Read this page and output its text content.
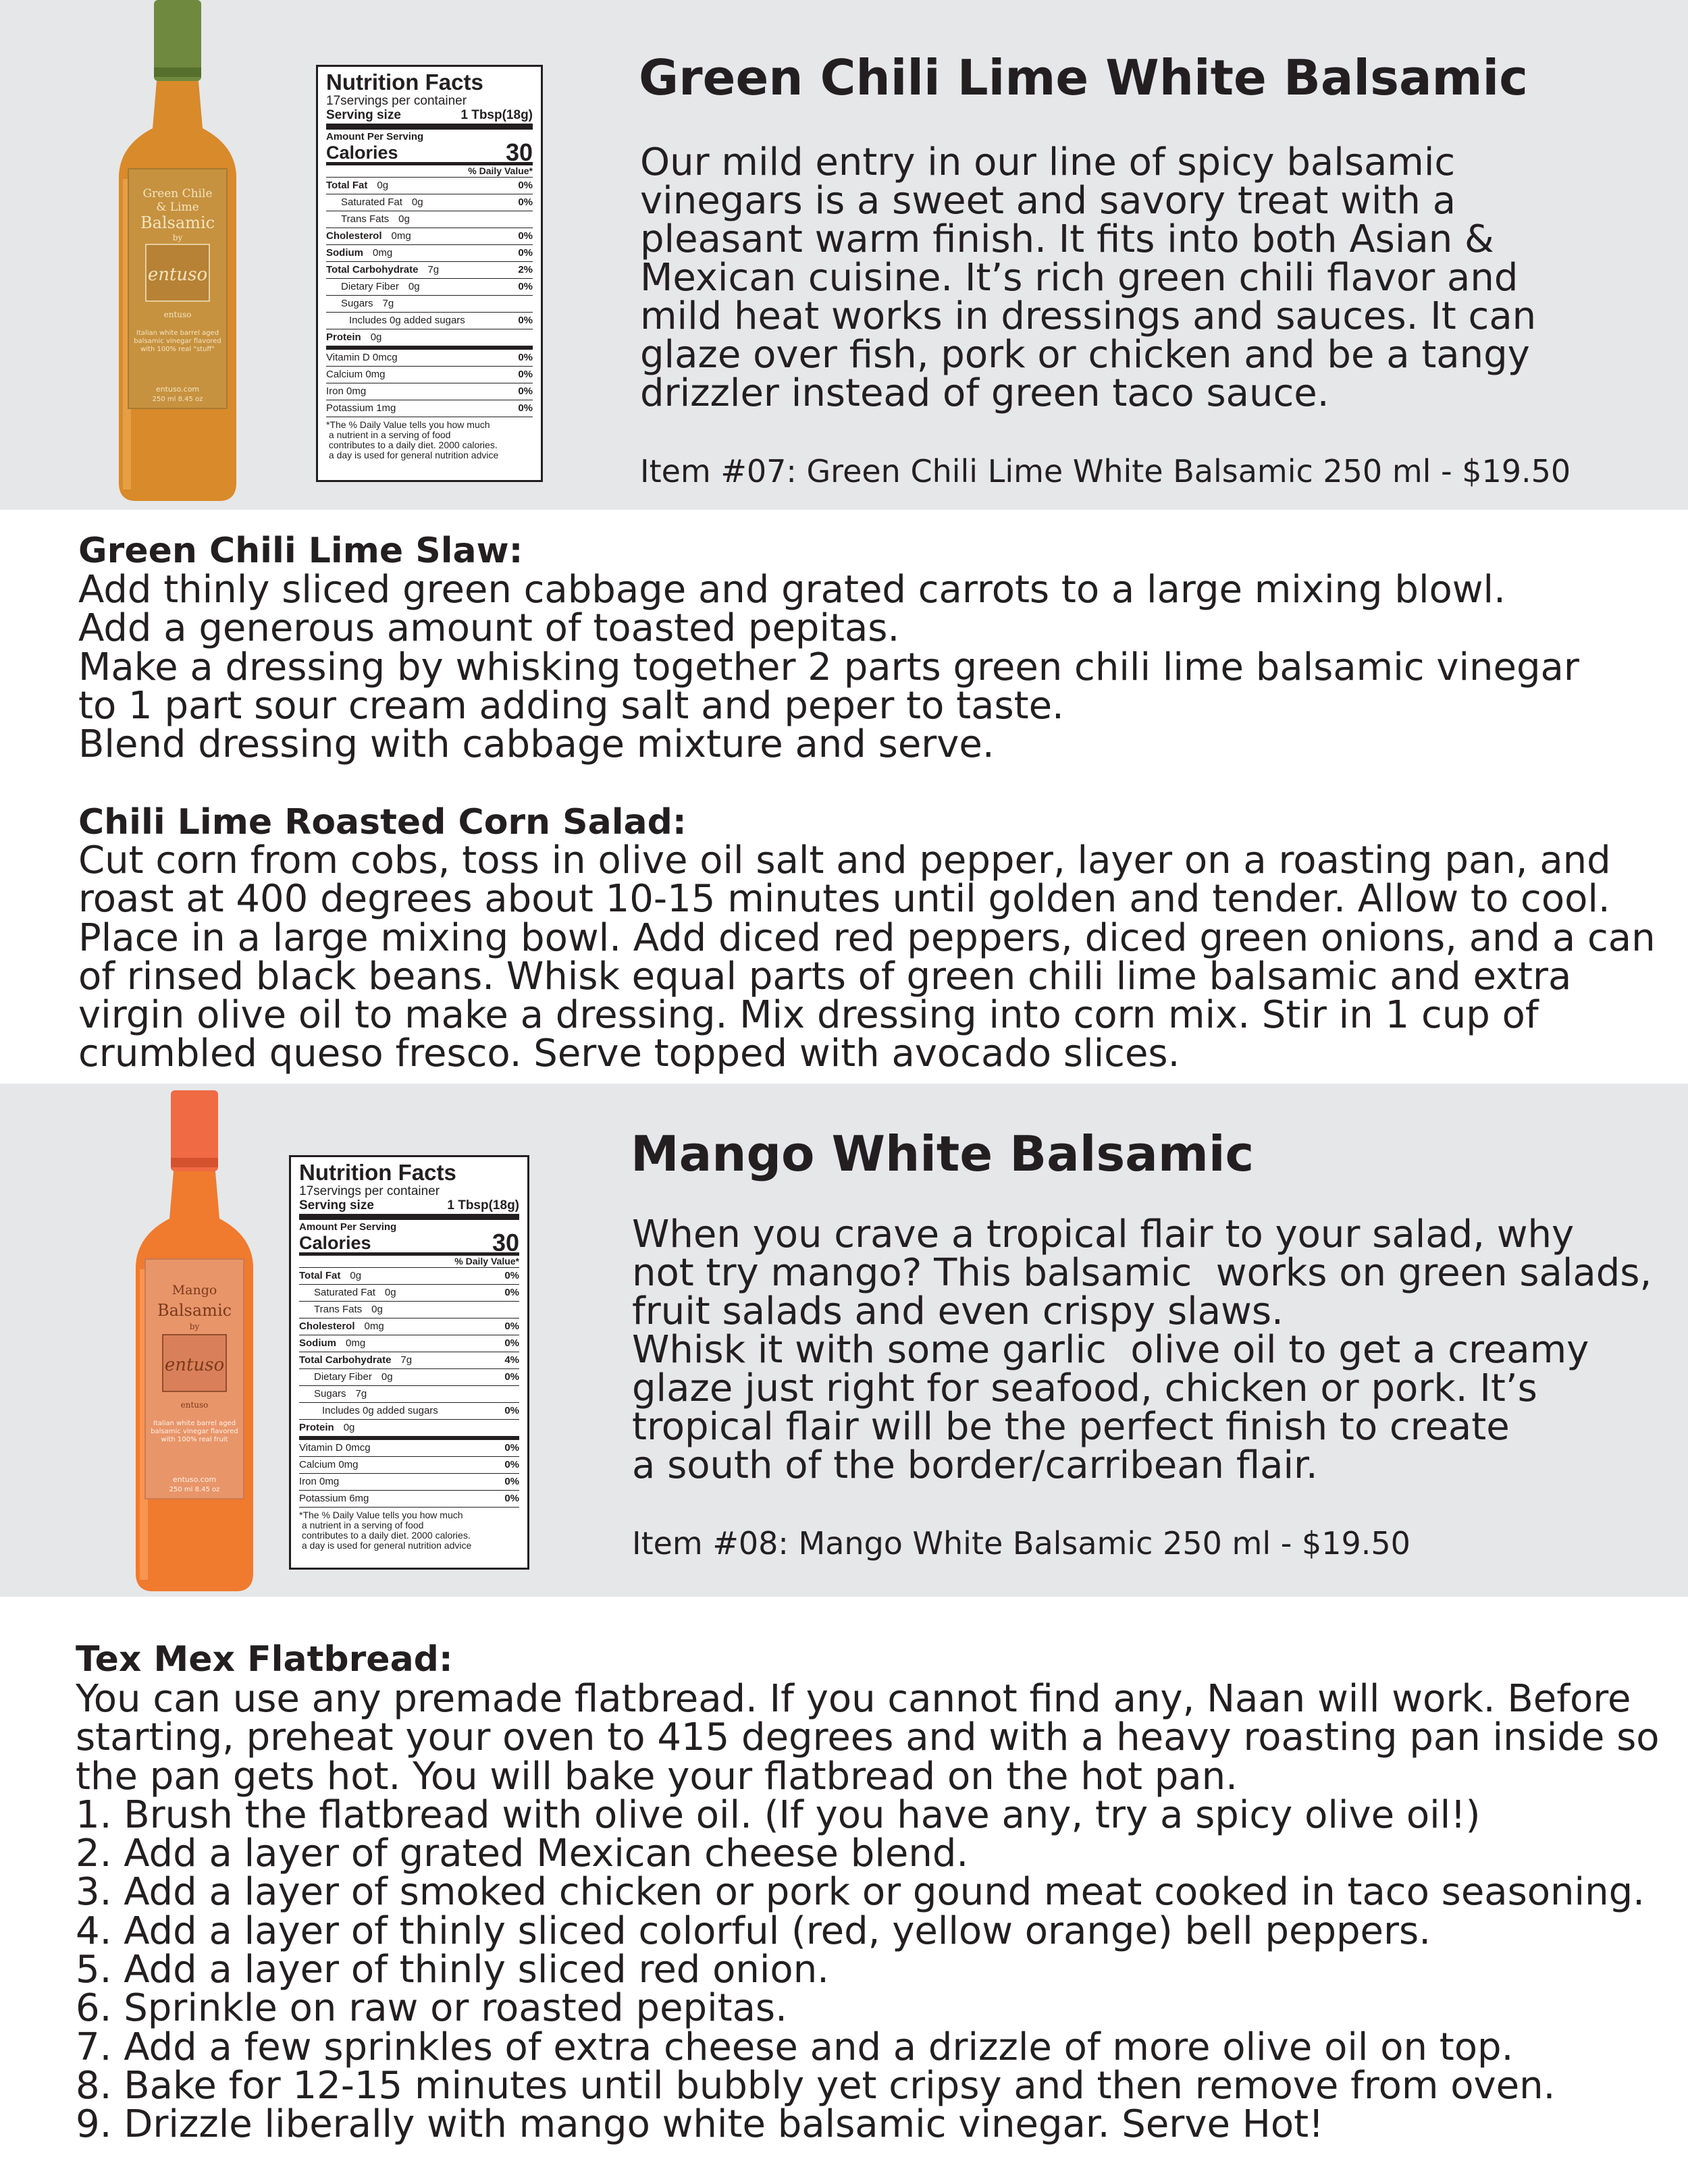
Green Chile
& Lime
Balsamic
by
entuso
entuso
Italian white barrel aged balsamic vinegar flavored with 100% real "stuff"
entuso.com
250 ml 8.45 oz
Nutrition Facts
17servings per container
Serving size	1 Tbsp(18g)
Amount Per Serving
Calories	30
% Daily Value*
Total Fat 0g	0%
Saturated Fat 0g	0%
Trans Fats 0g
Cholesterol 0mg	0%
Sodium 0mg	0%
Total Carbohydrate 7g	2%
Dietary Fiber 0g	0%
Sugars 7g
Includes 0g added sugars	0%
Protein 0g
Vitamin D 0mcg	0%
Calcium 0mg	0%
Iron 0mg	0%
Potassium 1mg	0%
*The % Daily Value tells you how much
a nutrient in a serving of food
contributes to a daily diet. 2000 calories.
a day is used for general nutrition advice
Green Chili Lime White Balsamic
Our mild entry in our line of spicy balsamic
vinegars is a sweet and savory treat with a
pleasant warm finish. It fits into both Asian &
Mexican cuisine. It’s rich green chili flavor and
mild heat works in dressings and sauces. It can
glaze over fish, pork or chicken and be a tangy
drizzler instead of green taco sauce.
Item #07: Green Chili Lime White Balsamic 250 ml - $19.50
Green Chili Lime Slaw:
Add thinly sliced green cabbage and grated carrots to a large mixing blowl.
Add a generous amount of toasted pepitas.
Make a dressing by whisking together 2 parts green chili lime balsamic vinegar
to 1 part sour cream adding salt and peper to taste.
Blend dressing with cabbage mixture and serve.
Chili Lime Roasted Corn Salad:
Cut corn from cobs, toss in olive oil salt and pepper, layer on a roasting pan, and
roast at 400 degrees about 10-15 minutes until golden and tender. Allow to cool.
Place in a large mixing bowl. Add diced red peppers, diced green onions, and a can
of rinsed black beans. Whisk equal parts of green chili lime balsamic and extra
virgin olive oil to make a dressing. Mix dressing into corn mix. Stir in 1 cup of
crumbled queso fresco. Serve topped with avocado slices.
Mango
Balsamic
by
entuso
entuso
Italian white barrel aged balsamic vinegar flavored with 100% real fruit
entuso.com
250 ml 8.45 oz
Nutrition Facts
17servings per container
Serving size	1 Tbsp(18g)
Amount Per Serving
Calories	30
% Daily Value*
Total Fat 0g	0%
Saturated Fat 0g	0%
Trans Fats 0g
Cholesterol 0mg	0%
Sodium 0mg	0%
Total Carbohydrate 7g	4%
Dietary Fiber 0g	0%
Sugars 7g
Includes 0g added sugars	0%
Protein 0g
Vitamin D 0mcg	0%
Calcium 0mg	0%
Iron 0mg	0%
Potassium 6mg	0%
*The % Daily Value tells you how much
a nutrient in a serving of food
contributes to a daily diet. 2000 calories.
a day is used for general nutrition advice
Mango White Balsamic
When you crave a tropical flair to your salad, why
not try mango? This balsamic  works on green salads,
fruit salads and even crispy slaws.
Whisk it with some garlic  olive oil to get a creamy
glaze just right for seafood, chicken or pork. It’s
tropical flair will be the perfect finish to create
a south of the border/carribean flair.
Item #08: Mango White Balsamic 250 ml - $19.50
Tex Mex Flatbread:
You can use any premade flatbread. If you cannot find any, Naan will work. Before
starting, preheat your oven to 415 degrees and with a heavy roasting pan inside so
the pan gets hot. You will bake your flatbread on the hot pan.
1. Brush the flatbread with olive oil. (If you have any, try a spicy olive oil!)
2. Add a layer of grated Mexican cheese blend.
3. Add a layer of smoked chicken or pork or gound meat cooked in taco seasoning.
4. Add a layer of thinly sliced colorful (red, yellow orange) bell peppers.
5. Add a layer of thinly sliced red onion.
6. Sprinkle on raw or roasted pepitas.
7. Add a few sprinkles of extra cheese and a drizzle of more olive oil on top.
8. Bake for 12-15 minutes until bubbly yet cripsy and then remove from oven.
9. Drizzle liberally with mango white balsamic vinegar. Serve Hot!
